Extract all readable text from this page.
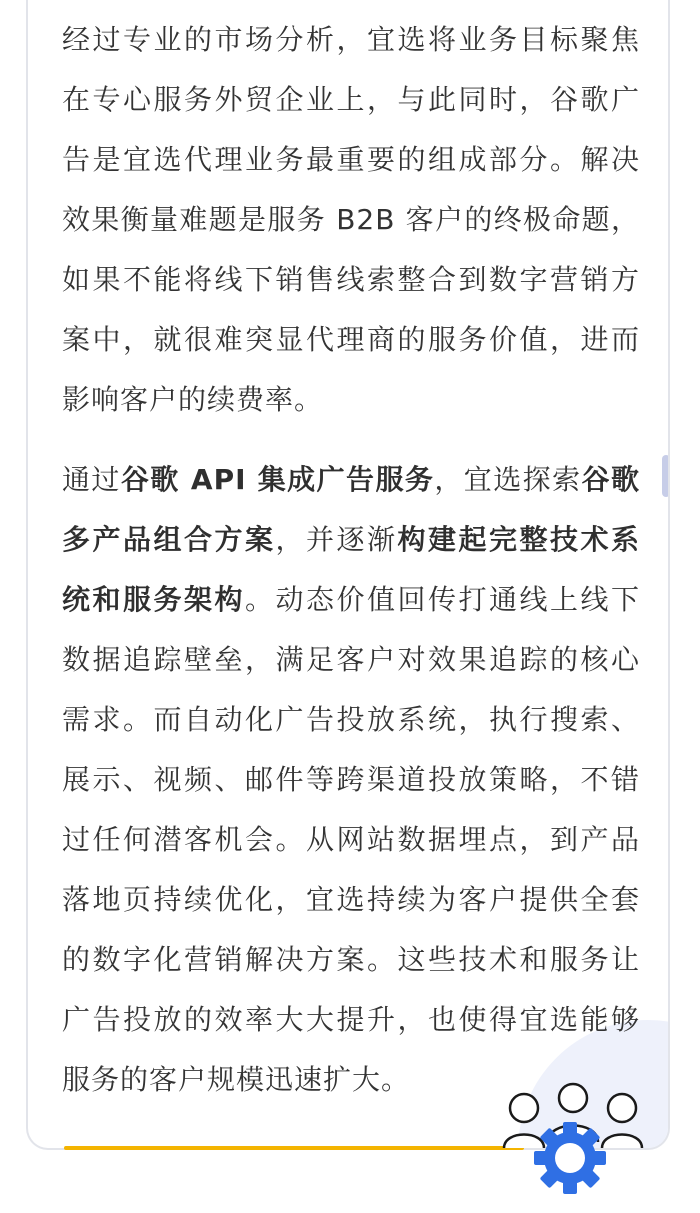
经过专业的市场分析，宜选将业务目标聚焦在专心服务外贸企业上，与此同时，谷歌广告是宜选代理业务最重要的组成部分。解决效果衡量难题是服务 B2B 客户的终极命题，如果不能将线下销售线索整合到数字营销方案中，就很难突显代理商的服务价值，进而影响客户的续费率。

通过谷歌 API 集成广告服务，宜选探索谷歌多产品组合方案，并逐渐构建起完整技术系统和服务架构。动态价值回传打通线上线下数据追踪壁垒，满足客户对效果追踪的核心需求。而自动化广告投放系统，执行搜索、展示、视频、邮件等跨渠道投放策略，不错过任何潜客机会。从网站数据埋点，到产品落地页持续优化，宜选持续为客户提供全套的数字化营销解决方案。这些技术和服务让广告投放的效率大大提升，也使得宜选能够服务的客户规模迅速扩大。
